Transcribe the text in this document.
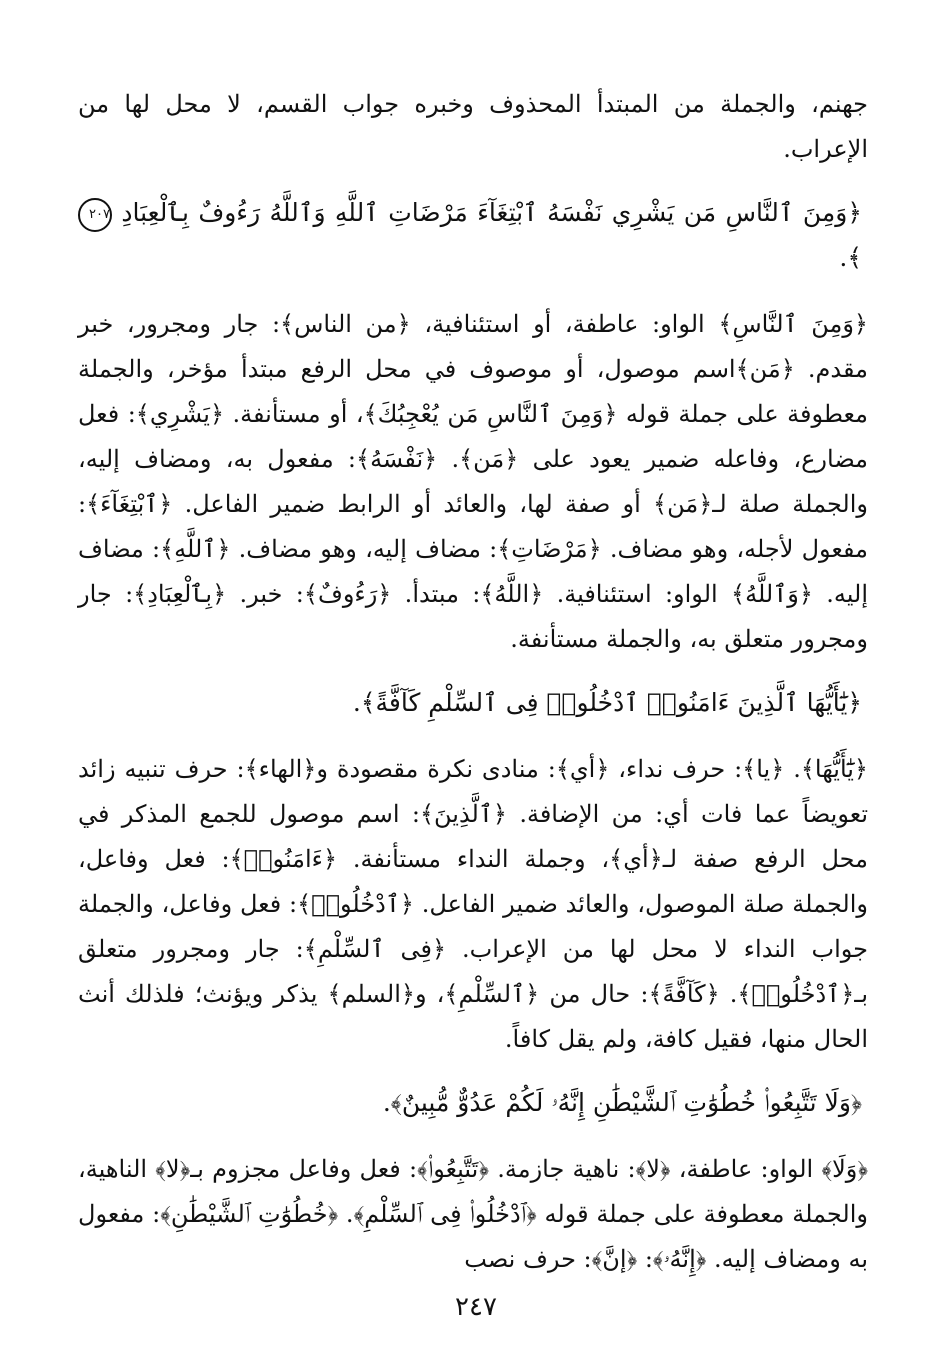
جهنم، والجملة من المبتدأ المحذوف وخبره جواب القسم، لا محل لها من الإعراب.

﴿وَمِنَ ٱلنَّاسِ مَن يَشْرِي نَفْسَهُ ٱبْتِغَآءَ مَرْضَاتِ ٱللَّهِ وَٱللَّهُ رَءُوفٌ بِٱلْعِبَادِ ٢٠٧ ﴾.

﴿وَمِنَ ٱلنَّاسِ﴾ الواو: عاطفة، أو استئنافية، ﴿من الناس﴾: جار ومجرور، خبر مقدم. ﴿مَن﴾اسم موصول، أو موصوف في محل الرفع مبتدأ مؤخر، والجملة معطوفة على جملة قوله ﴿وَمِنَ ٱلنَّاسِ مَن يُعْجِبُكَ﴾، أو مستأنفة. ﴿يَشْرِي﴾: فعل مضارع، وفاعله ضمير يعود على ﴿مَن﴾. ﴿نَفْسَهُ﴾: مفعول به، ومضاف إليه، والجملة صلة لـ﴿مَن﴾ أو صفة لها، والعائد أو الرابط ضمير الفاعل. ﴿ٱبْتِغَآءَ﴾: مفعول لأجله، وهو مضاف. ﴿مَرْضَاتِ﴾: مضاف إليه، وهو مضاف. ﴿ٱللَّهِ﴾: مضاف إليه. ﴿وَٱللَّهُ﴾ الواو: استئنافية. ﴿اللَّهُ﴾: مبتدأ. ﴿رَءُوفٌ﴾: خبر. ﴿بِٱلْعِبَادِ﴾: جار ومجرور متعلق به، والجملة مستأنفة.

﴿يَٰٓأَيُّهَا ٱلَّذِينَ ءَامَنُوا۟ ٱدْخُلُوا۟ فِى ٱلسِّلْمِ كَآفَّةً﴾.

﴿يَٰٓأَيُّهَا﴾. ﴿يا﴾: حرف نداء، ﴿أي﴾: منادى نكرة مقصودة و﴿الهاء﴾: حرف تنبيه زائد تعويضاً عما فات أي: من الإضافة. ﴿ٱلَّذِينَ﴾: اسم موصول للجمع المذكر في محل الرفع صفة لـ﴿أي﴾، وجملة النداء مستأنفة. ﴿ءَامَنُوا۟﴾: فعل وفاعل، والجملة صلة الموصول، والعائد ضمير الفاعل. ﴿ٱدْخُلُوا۟﴾: فعل وفاعل، والجملة جواب النداء لا محل لها من الإعراب. ﴿فِى ٱلسِّلْمِ﴾: جار ومجرور متعلق بـ﴿ٱدْخُلُوا۟﴾. ﴿كَآفَّةً﴾: حال من ﴿ٱلسِّلْمِ﴾، و﴿السلم﴾ يذكر ويؤنث؛ فلذلك أنث الحال منها، فقيل كافة، ولم يقل كافاً.

﴿وَلَا تَتَّبِعُوا۟ خُطُوَٰتِ ٱلشَّيْطَٰنِ إِنَّهُۥ لَكُمْ عَدُوٌّ مُّبِينٌ﴾.

﴿وَلَا﴾ الواو: عاطفة، ﴿لا﴾: ناهية جازمة. ﴿تَتَّبِعُوا۟﴾: فعل وفاعل مجزوم بـ﴿لا﴾ الناهية، والجملة معطوفة على جملة قوله ﴿ٱدْخُلُوا۟ فِى ٱلسِّلْمِ﴾. ﴿خُطُوَٰتِ ٱلشَّيْطَٰنِ﴾: مفعول به ومضاف إليه. ﴿إِنَّهُۥ﴾: ﴿إنَّ﴾: حرف نصب

٢٤٧
